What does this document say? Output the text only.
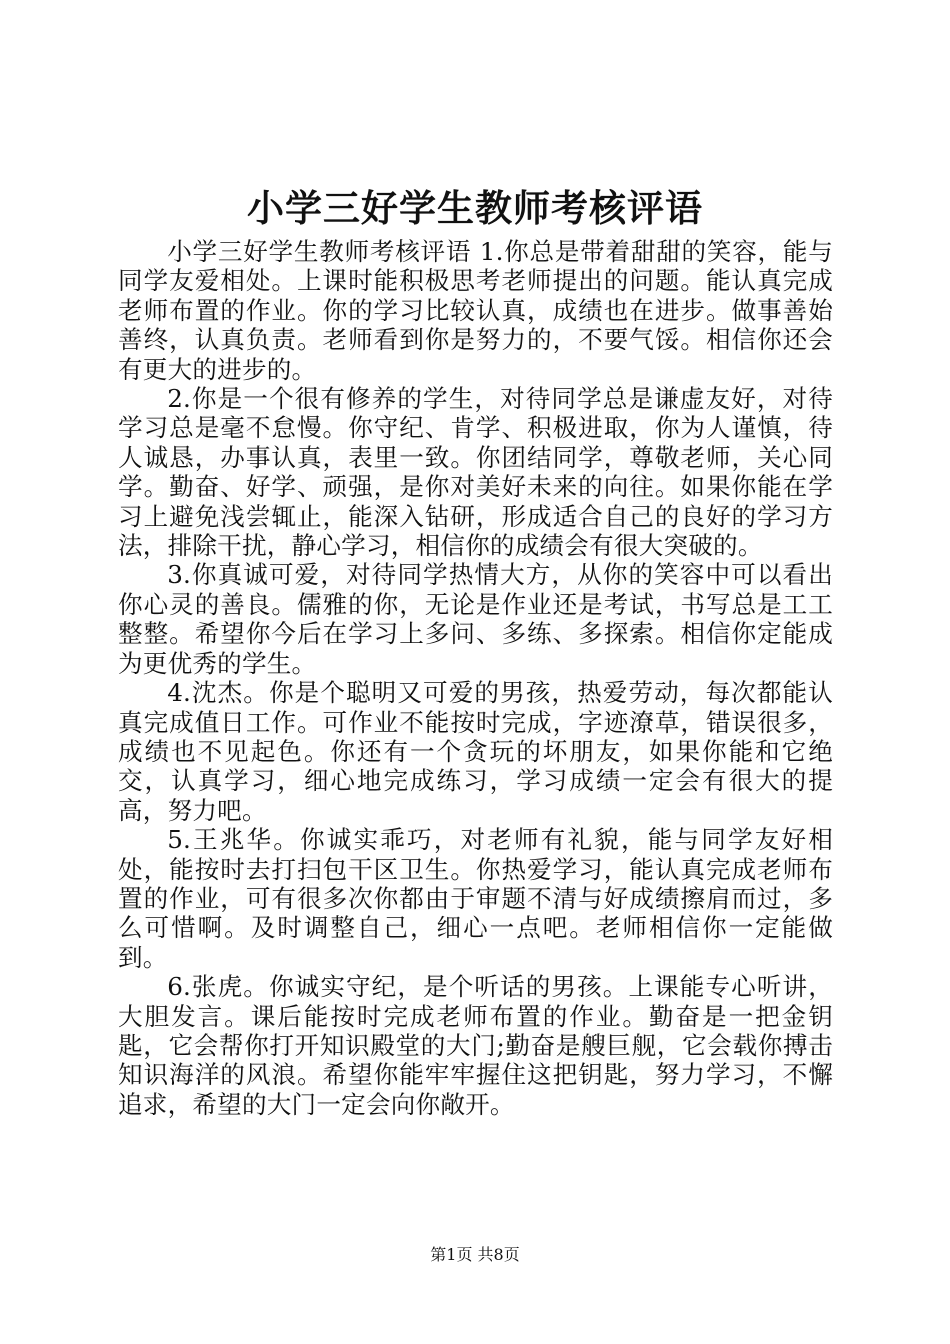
小学三好学生教师考核评语

小学三好学生教师考核评语 1.你总是带着甜甜的笑容，能与同学友爱相处。上课时能积极思考老师提出的问题。能认真完成老师布置的作业。你的学习比较认真，成绩也在进步。做事善始善终，认真负责。老师看到你是努力的，不要气馁。相信你还会有更大的进步的。

2.你是一个很有修养的学生，对待同学总是谦虚友好，对待学习总是毫不怠慢。你守纪、肯学、积极进取，你为人谨慎，待人诚恳，办事认真，表里一致。你团结同学，尊敬老师，关心同学。勤奋、好学、顽强，是你对美好未来的向往。如果你能在学习上避免浅尝辄止，能深入钻研，形成适合自己的良好的学习方法，排除干扰，静心学习，相信你的成绩会有很大突破的。

3.你真诚可爱，对待同学热情大方，从你的笑容中可以看出你心灵的善良。儒雅的你，无论是作业还是考试，书写总是工工整整。希望你今后在学习上多问、多练、多探索。相信你定能成为更优秀的学生。

4.沈杰。你是个聪明又可爱的男孩，热爱劳动，每次都能认真完成值日工作。可作业不能按时完成，字迹潦草，错误很多，成绩也不见起色。你还有一个贪玩的坏朋友，如果你能和它绝交，认真学习，细心地完成练习，学习成绩一定会有很大的提高，努力吧。

5.王兆华。你诚实乖巧，对老师有礼貌，能与同学友好相处，能按时去打扫包干区卫生。你热爱学习，能认真完成老师布置的作业，可有很多次你都由于审题不清与好成绩擦肩而过，多么可惜啊。及时调整自己，细心一点吧。老师相信你一定能做到。

6.张虎。你诚实守纪，是个听话的男孩。上课能专心听讲，大胆发言。课后能按时完成老师布置的作业。勤奋是一把金钥匙，它会帮你打开知识殿堂的大门;勤奋是艘巨舰，它会载你搏击知识海洋的风浪。希望你能牢牢握住这把钥匙，努力学习，不懈追求，希望的大门一定会向你敞开。

第1页 共8页
